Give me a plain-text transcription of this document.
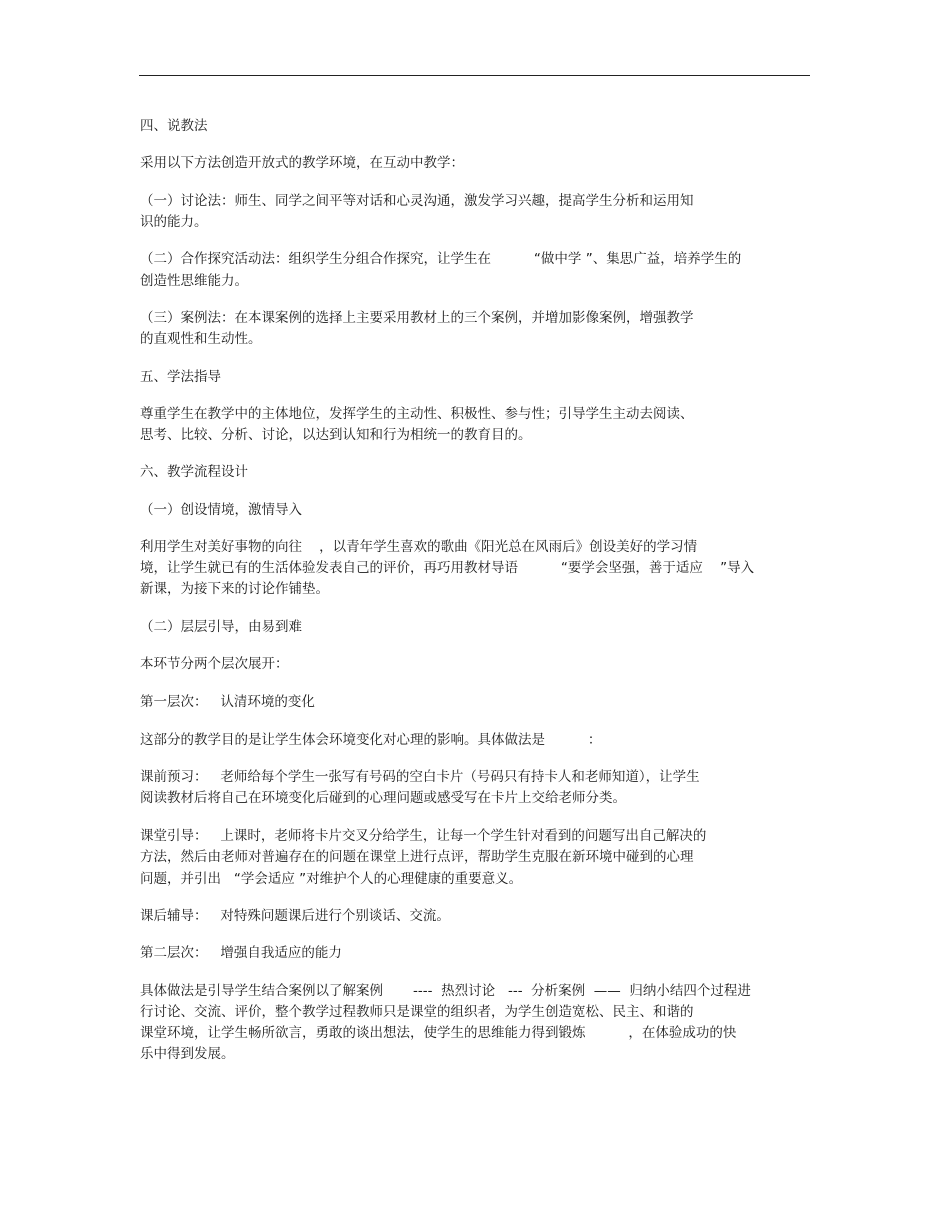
四、说教法
采用以下方法创造开放式的教学环境，在互动中教学：
（一）讨论法：师生、同学之间平等对话和心灵沟通，激发学习兴趣，提高学生分析和运用知
识的能力。
（二）合作探究活动法：组织学生分组合作探究，让学生在          “做中学 ”、集思广益，培养学生的
创造性思维能力。
（三）案例法：在本课案例的选择上主要采用教材上的三个案例，并增加影像案例，增强教学
的直观性和生动性。
五、学法指导
尊重学生在教学中的主体地位，发挥学生的主动性、积极性、参与性；引导学生主动去阅读、
思考、比较、分析、讨论，以达到认知和行为相统一的教育目的。
六、教学流程设计
（一）创设情境，激情导入
利用学生对美好事物的向往    ，以青年学生喜欢的歌曲《阳光总在风雨后》创设美好的学习情
境，让学生就已有的生活体验发表自己的评价，再巧用教材导语          “要学会坚强，善于适应    ”导入
新课，为接下来的讨论作铺垫。
（二）层层引导，由易到难
本环节分两个层次展开：
第一层次：   认清环境的变化
这部分的教学目的是让学生体会环境变化对心理的影响。具体做法是          ：
课前预习：   老师给每个学生一张写有号码的空白卡片（号码只有持卡人和老师知道），让学生
阅读教材后将自己在环境变化后碰到的心理问题或感受写在卡片上交给老师分类。
课堂引导：   上课时，老师将卡片交叉分给学生，让每一个学生针对看到的问题写出自己解决的
方法，然后由老师对普遍存在的问题在课堂上进行点评，帮助学生克服在新环境中碰到的心理
问题，并引出   “学会适应 ”对维护个人的心理健康的重要意义。
课后辅导：   对特殊问题课后进行个别谈话、交流。
第二层次：   增强自我适应的能力
具体做法是引导学生结合案例以了解案例       ----  热烈讨论   ---  分析案例  ——  归纳小结四个过程进
行讨论、交流、评价，整个教学过程教师只是课堂的组织者，为学生创造宽松、民主、和谐的
课堂环境，让学生畅所欲言，勇敢的谈出想法，使学生的思维能力得到锻炼          ，在体验成功的快
乐中得到发展。
